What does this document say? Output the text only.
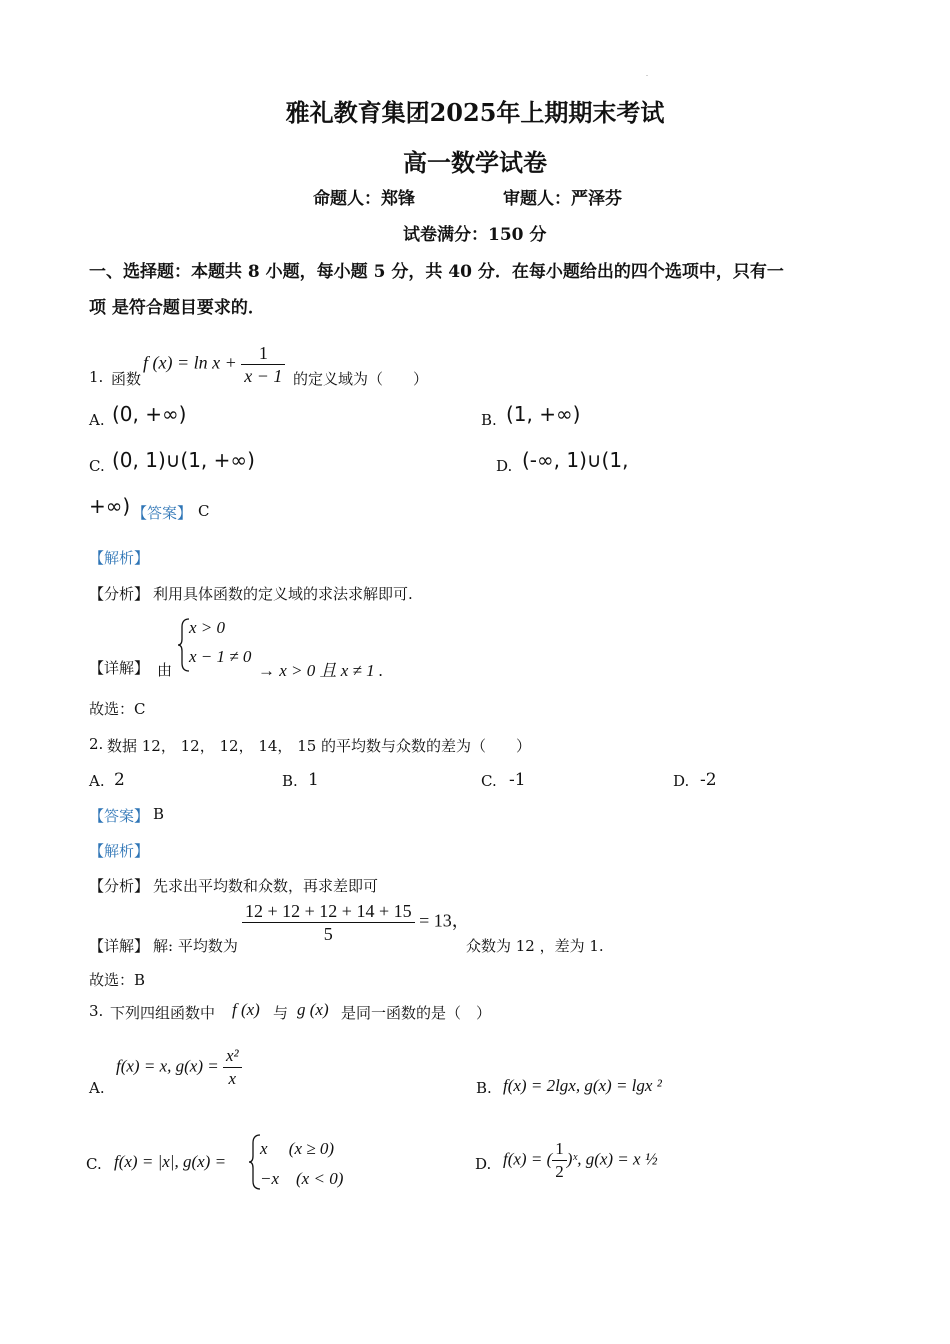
-
雅礼教育集团2025年上期期末考试
高一数学试卷
命题人：郑锋	审题人：严泽芬
试卷满分：150 分
一、选择题：本题共 8 小题，每小题 5 分，共 40 分．在每小题给出的四个选项中，只有一
项 是符合题目要求的．
1. 函数
f $(x) = \ln x + \frac{1}{x - 1}$ 的定义域为（　　）
A. (0, +∞)	B. (1, +∞)
C. (0, 1)∪(1, +∞)	D. (-∞, 1)∪(1,
+∞) 【答案】 C
【解析】
【分析】 利用具体函数的定义域的求法求解即可.
【详解】 由
x > 0
x − 1 ≠ 0
→ x > 0 且 x ≠ 1 .
故选：C
2. 数据 12， 12， 12， 14， 15 的平均数与众数的差为（　　）
A. 2	B. 1	C. -1	D. -2
【答案】 B
【解析】
【分析】 先求出平均数和众数，再求差即可
【详解】 解: 平均数为
$\frac{12 + 12 + 12 + 14 + 15}{5} = 13$，
众数为 12 ，差为 1.
故选：B
3. 下列四组函数中 f (x) 与 g (x) 是同一函数的是（　）
A.
f(x) = x, $g(x) = \frac{\text{x²}}{x}$	B. f(x) = 2lgx, g(x) = lgx ²
C. f(x) = |x|, g(x) =
x　 (x ≥ 0)
−x　(x < 0)
D. f(x) = ( $\frac{1}{2}$ )ˣ, g(x) = x ½
